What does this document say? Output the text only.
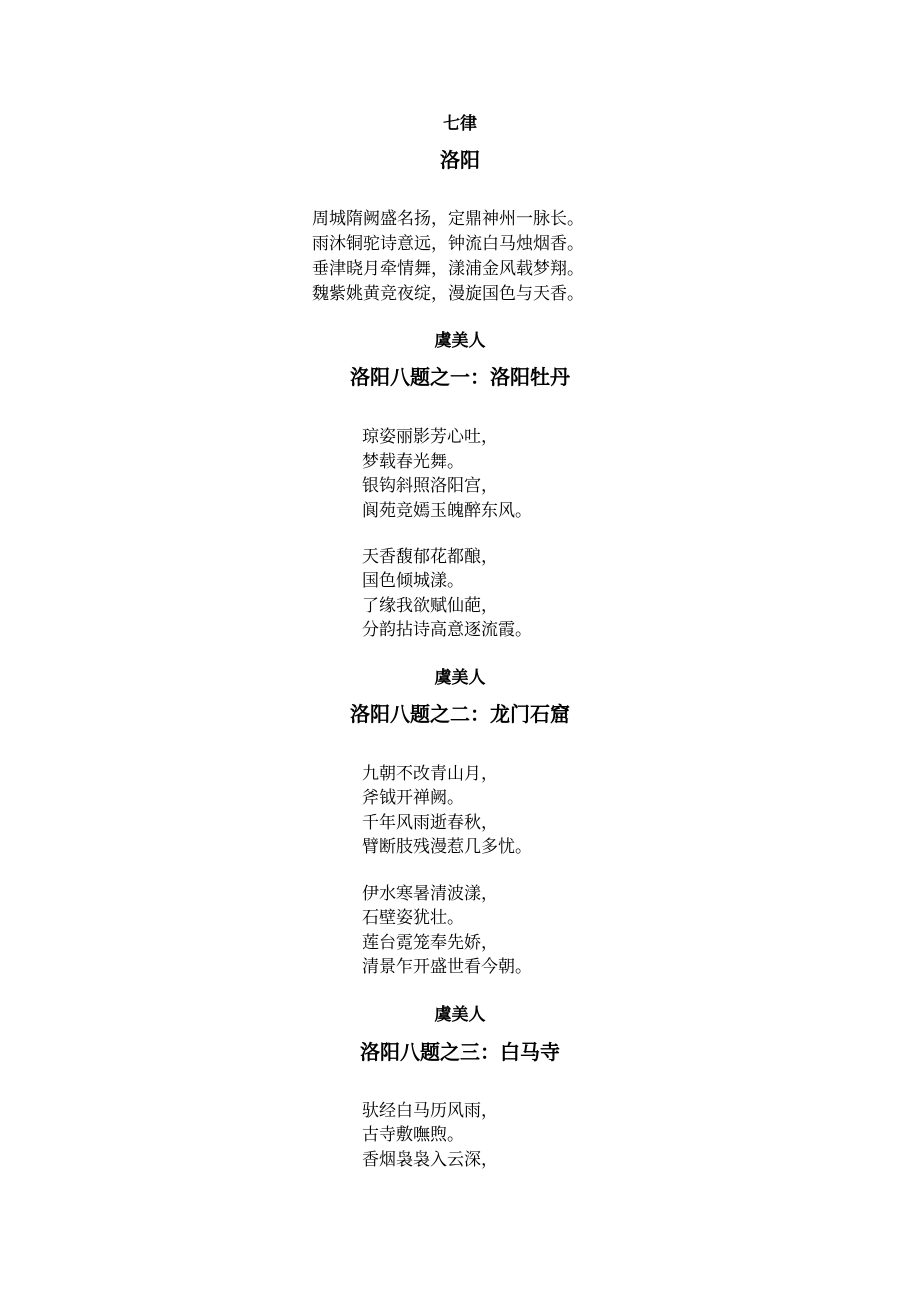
七律
洛阳
周城隋阙盛名扬，定鼎神州一脉长。
雨沐铜驼诗意远，钟流白马烛烟香。
垂津晓月牵情舞，漾浦金风载梦翔。
魏紫姚黄竞夜绽，漫旋国色与天香。
虞美人
洛阳八题之一：洛阳牡丹
琼姿丽影芳心吐，
梦载春光舞。
银钩斜照洛阳宫，
阆苑竞嫣玉魄醉东风。
天香馥郁花都酿，
国色倾城漾。
了缘我欲赋仙葩，
分韵拈诗高意逐流霞。
虞美人
洛阳八题之二：龙门石窟
九朝不改青山月，
斧钺开禅阙。
千年风雨逝春秋，
臂断肢残漫惹几多忧。
伊水寒暑清波漾，
石壁姿犹壮。
莲台霓笼奉先娇，
清景乍开盛世看今朝。
虞美人
洛阳八题之三：白马寺
驮经白马历风雨，
古寺敷嘸煦。
香烟袅袅入云深，
